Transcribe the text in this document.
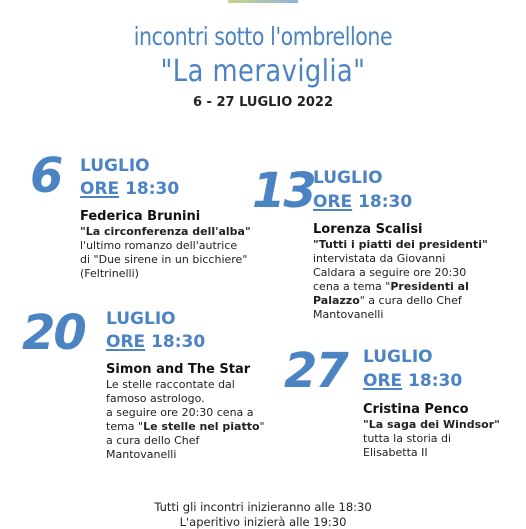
incontri sotto l'ombrellone
"La meraviglia"
6 - 27 LUGLIO 2022
6 LUGLIO
ORE 18:30
Federica Brunini
"La circonferenza dell'alba"
l'ultimo romanzo dell'autrice
di "Due sirene in un bicchiere"
(Feltrinelli)
13
LUGLIO
ORE 18:30
Lorenza Scalisi
"Tutti i piatti dei presidenti"
intervistata da Giovanni
Caldara a seguire ore 20:30
cena a tema "Presidenti al
Palazzo" a cura dello Chef
Mantovanelli
20 LUGLIO
ORE 18:30
Simon and The Star
Le stelle raccontate dal
famoso astrologo.
a seguire ore 20:30 cena a
tema "Le stelle nel piatto"
a cura dello Chef
Mantovanelli
27 LUGLIO
ORE 18:30
Cristina Penco
"La saga dei Windsor"
tutta la storia di
Elisabetta II
Tutti gli incontri inizieranno alle 18:30
L'aperitivo inizierà alle 19:30
